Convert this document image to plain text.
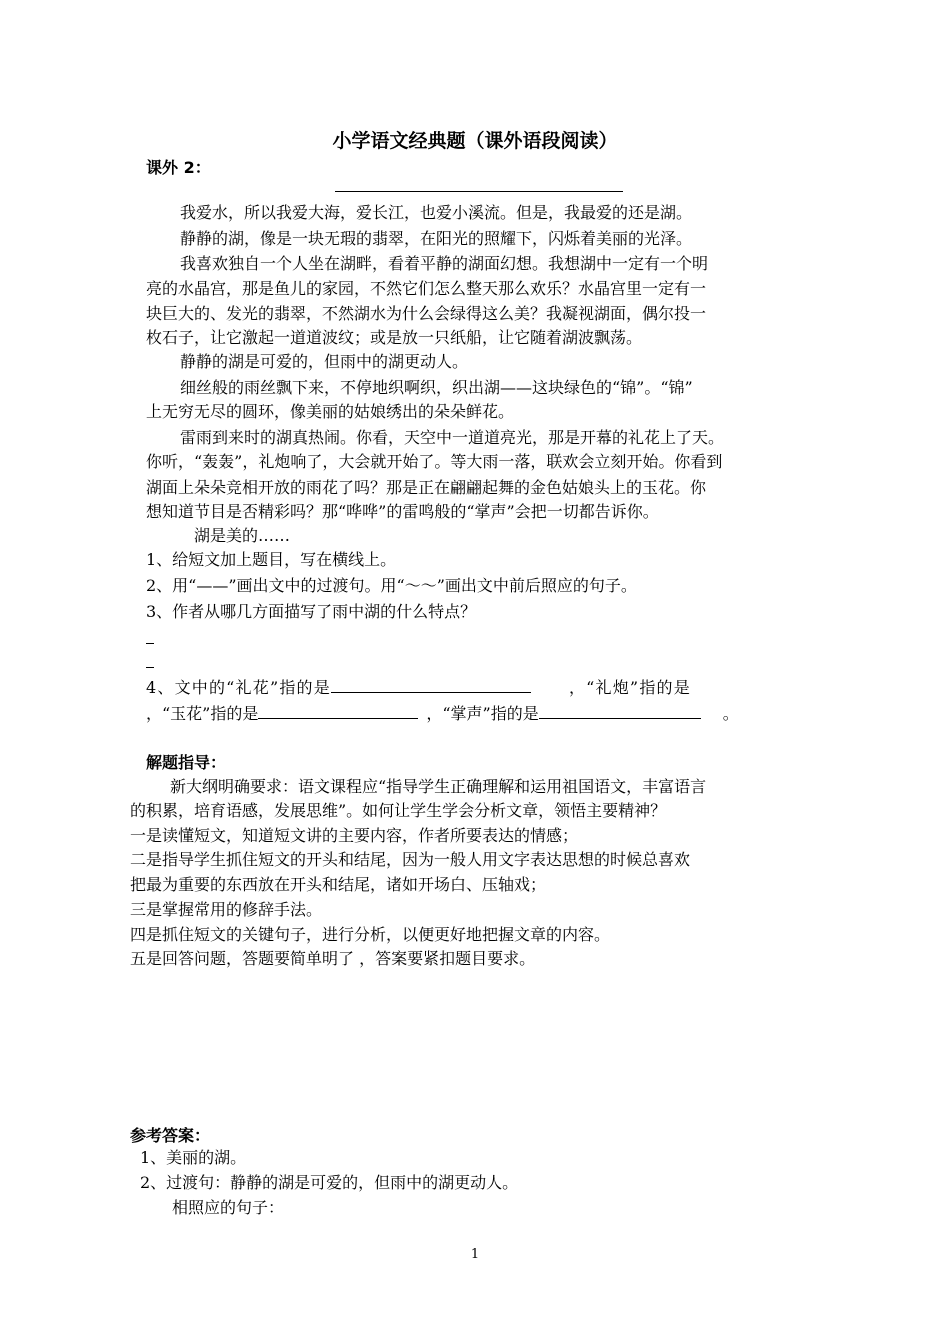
小学语文经典题（课外语段阅读）
课外 2：
我爱水，所以我爱大海，爱长江，也爱小溪流。但是，我最爱的还是湖。
静静的湖，像是一块无瑕的翡翠，在阳光的照耀下，闪烁着美丽的光泽。
我喜欢独自一个人坐在湖畔，看着平静的湖面幻想。我想湖中一定有一个明
亮的水晶宫，那是鱼儿的家园，不然它们怎么整天那么欢乐？水晶宫里一定有一
块巨大的、发光的翡翠，不然湖水为什么会绿得这么美？我凝视湖面，偶尔投一
枚石子，让它激起一道道波纹；或是放一只纸船，让它随着湖波飘荡。
静静的湖是可爱的，但雨中的湖更动人。
细丝般的雨丝飘下来，不停地织啊织，织出湖——这块绿色的“锦”。“锦”
上无穷无尽的圆环，像美丽的姑娘绣出的朵朵鲜花。
雷雨到来时的湖真热闹。你看，天空中一道道亮光，那是开幕的礼花上了天。
你听，“轰轰”，礼炮响了，大会就开始了。等大雨一落，联欢会立刻开始。你看到
湖面上朵朵竞相开放的雨花了吗？那是正在翩翩起舞的金色姑娘头上的玉花。你
想知道节目是否精彩吗？那“哗哗”的雷鸣般的“掌声”会把一切都告诉你。
湖是美的……
1、给短文加上题目，写在横线上。
2、用“——”画出文中的过渡句。用“～～”画出文中前后照应的句子。
3、作者从哪几方面描写了雨中湖的什么特点？
4、文中的“礼花”指的是	，“礼炮”指的是
，“玉花”指的是	，“掌声”指的是	。
解题指导：
新大纲明确要求：语文课程应“指导学生正确理解和运用祖国语文，丰富语言
的积累，培育语感，发展思维”。如何让学生学会分析文章，领悟主要精神？
一是读懂短文，知道短文讲的主要内容，作者所要表达的情感；
二是指导学生抓住短文的开头和结尾，因为一般人用文字表达思想的时候总喜欢
把最为重要的东西放在开头和结尾，诸如开场白、压轴戏；
三是掌握常用的修辞手法。
四是抓住短文的关键句子，进行分析，以便更好地把握文章的内容。
五是回答问题，答题要简单明了 ，答案要紧扣题目要求。
参考答案：
1、美丽的湖。
2、过渡句：静静的湖是可爱的，但雨中的湖更动人。
相照应的句子：
1
